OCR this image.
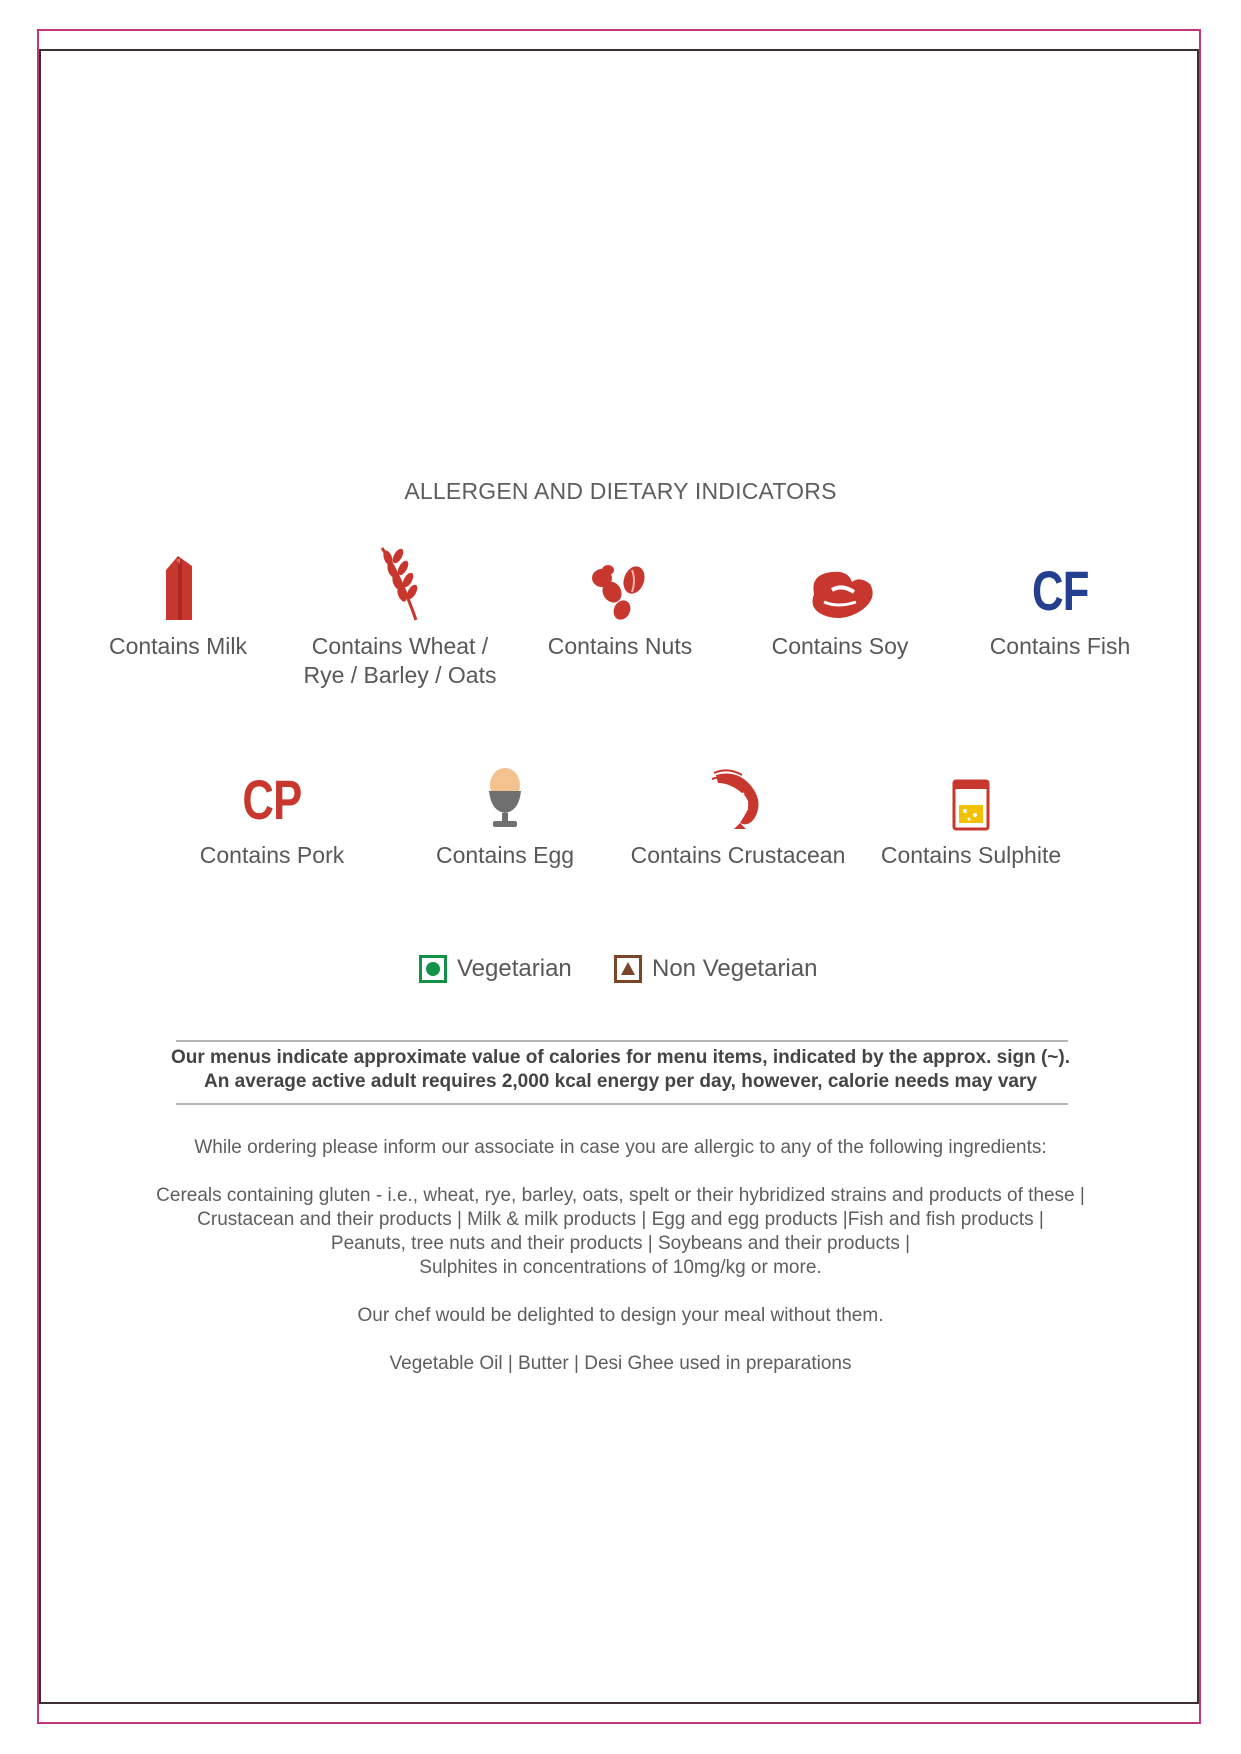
ALLERGEN AND DIETARY INDICATORS
Contains Milk	Contains Wheat /
Rye / Barley / Oats
Contains Nuts	Contains Soy
CF
Contains Fish
CP
Contains Pork	Contains Egg	Contains Crustacean	Contains Sulphite
Vegetarian	Non Vegetarian
Our menus indicate approximate value of calories for menu items, indicated by the approx. sign (~).
An average active adult requires 2,000 kcal energy per day, however, calorie needs may vary
While ordering please inform our associate in case you are allergic to any of the following ingredients:
Cereals containing gluten - i.e., wheat, rye, barley, oats, spelt or their hybridized strains and products of these |
Crustacean and their products | Milk & milk products | Egg and egg products |Fish and fish products |
Peanuts, tree nuts and their products | Soybeans and their products |
Sulphites in concentrations of 10mg/kg or more.
Our chef would be delighted to design your meal without them.
Vegetable Oil | Butter | Desi Ghee used in preparations
